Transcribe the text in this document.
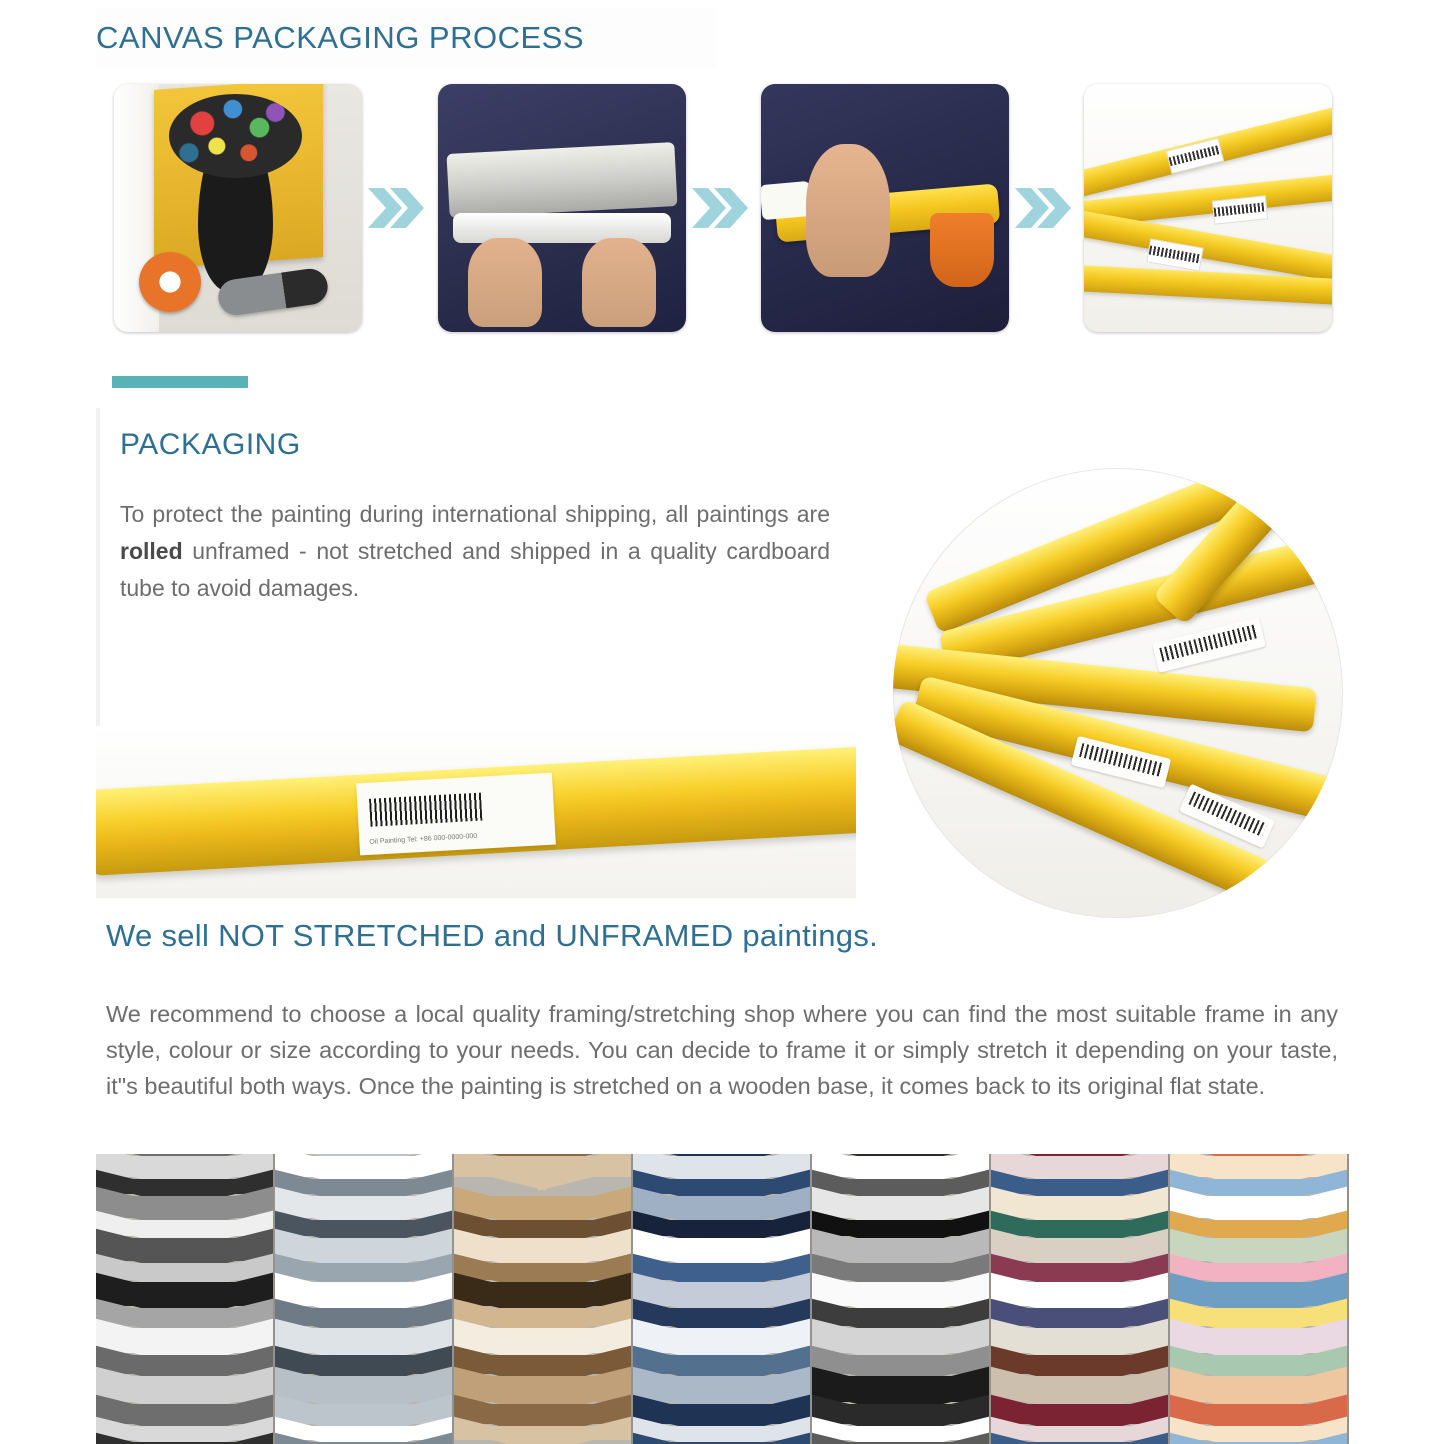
CANVAS PACKAGING PROCESS
PACKAGING
To protect the painting during international shipping, all paintings are rolled unframed - not stretched and shipped in a quality cardboard tube to avoid damages.
Oil Painting Tel: +86 000-0000-000
We sell NOT STRETCHED and UNFRAMED paintings.
We recommend to choose a local quality framing/stretching shop where you can find the most suitable frame in any style, colour or size according to your needs. You can decide to frame it or simply stretch it depending on your taste, it"s beautiful both ways. Once the painting is stretched on a wooden base, it comes back to its original flat state.
